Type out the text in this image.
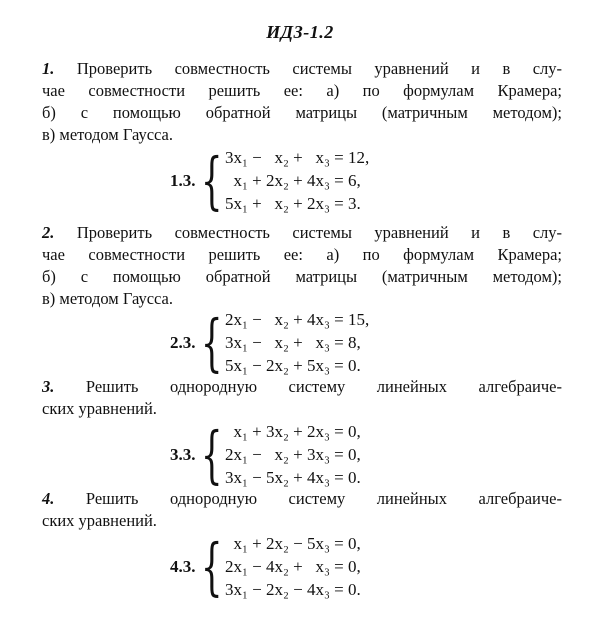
ИДЗ-1.2
1. Проверить совместность системы уравнений и в слу-
чае совместности решить ее: а) по формулам Крамера;
б) с помощью обратной матрицы (матричным методом);
в) методом Гаусса.
1.3. { 3x₁ −   x₂ +   x₃ = 12,
x₁ + 2x₂ + 4x₃ = 6,
5x₁ +   x₂ + 2x₃ = 3.
2. Проверить совместность системы уравнений и в слу-
чае совместности решить ее: а) по формулам Крамера;
б) с помощью обратной матрицы (матричным методом);
в) методом Гаусса.
2.3. { 2x₁ −   x₂ + 4x₃ = 15,
3x₁ −   x₂ +   x₃ = 8,
5x₁ − 2x₂ + 5x₃ = 0.
3. Решить однородную систему линейных алгебраиче-
ских уравнений.
3.3. { x₁ + 3x₂ + 2x₃ = 0,
2x₁ −   x₂ + 3x₃ = 0,
3x₁ − 5x₂ + 4x₃ = 0.
4. Решить однородную систему линейных алгебраиче-
ских уравнений.
4.3. { x₁ + 2x₂ − 5x₃ = 0,
2x₁ − 4x₂ +   x₃ = 0,
3x₁ − 2x₂ − 4x₃ = 0.
